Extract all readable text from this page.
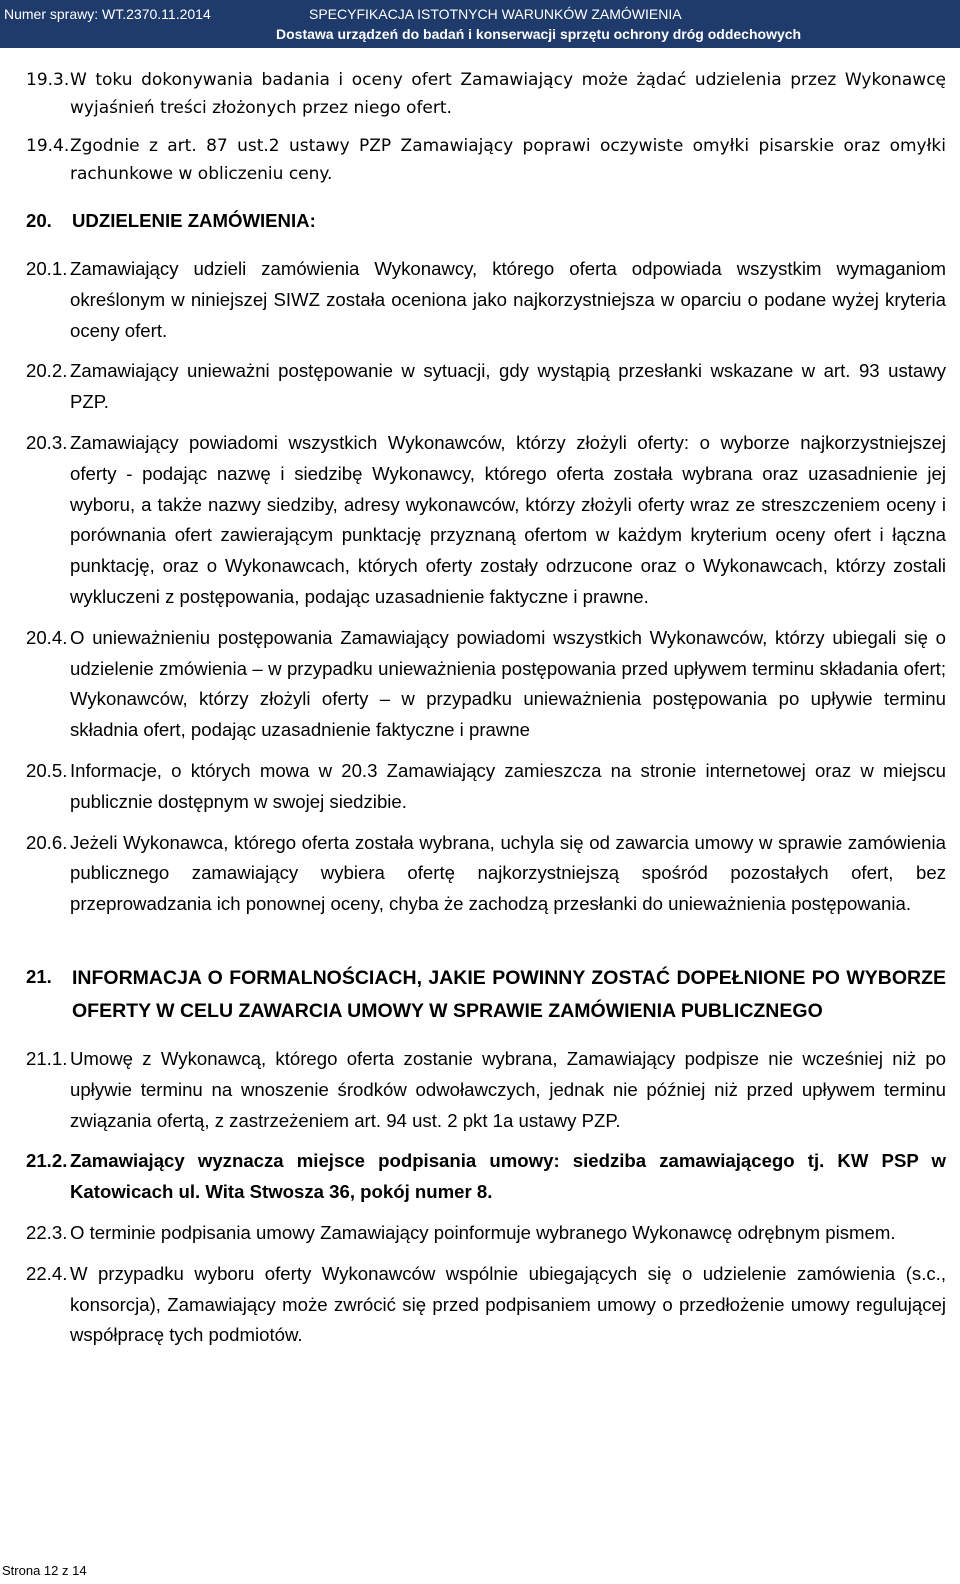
Numer sprawy: WT.2370.11.2014	SPECYFIKACJA ISTOTNYCH WARUNKÓW ZAMÓWIENIA
Dostawa urządzeń do badań i konserwacji sprzętu ochrony dróg oddechowych
19.3. W toku dokonywania badania i oceny ofert Zamawiający może żądać udzielenia przez Wykonawcę wyjaśnień treści złożonych przez niego ofert.
19.4. Zgodnie z art. 87 ust.2 ustawy PZP Zamawiający poprawi oczywiste omyłki pisarskie oraz omyłki rachunkowe w obliczeniu ceny.
20.	UDZIELENIE ZAMÓWIENIA:
20.1. Zamawiający udzieli zamówienia Wykonawcy, którego oferta odpowiada wszystkim wymaganiom określonym w niniejszej SIWZ została oceniona jako najkorzystniejsza w oparciu o podane wyżej kryteria oceny ofert.
20.2. Zamawiający unieważni postępowanie w sytuacji, gdy wystąpią przesłanki wskazane w art. 93 ustawy PZP.
20.3. Zamawiający powiadomi wszystkich Wykonawców, którzy złożyli oferty: o wyborze najkorzystniejszej oferty - podając nazwę i siedzibę Wykonawcy, którego oferta została wybrana oraz uzasadnienie jej wyboru, a także nazwy siedziby, adresy wykonawców, którzy złożyli oferty wraz ze streszczeniem oceny i porównania ofert zawierającym punktację przyznaną ofertom w każdym kryterium oceny ofert i łączna punktację, oraz o Wykonawcach, których oferty zostały odrzucone oraz o Wykonawcach, którzy zostali wykluczeni z postępowania, podając uzasadnienie faktyczne i prawne.
20.4. O unieważnieniu postępowania Zamawiający powiadomi wszystkich Wykonawców, którzy ubiegali się o udzielenie zmówienia – w przypadku unieważnienia postępowania przed upływem terminu składania ofert; Wykonawców, którzy złożyli oferty – w przypadku unieważnienia postępowania po upływie terminu składnia ofert, podając uzasadnienie faktyczne i prawne
20.5. Informacje, o których mowa w 20.3 Zamawiający zamieszcza na stronie internetowej oraz w miejscu publicznie dostępnym w swojej siedzibie.
20.6. Jeżeli Wykonawca, którego oferta została wybrana, uchyla się od zawarcia umowy w sprawie zamówienia publicznego zamawiający wybiera ofertę najkorzystniejszą spośród pozostałych ofert, bez przeprowadzania ich ponownej oceny, chyba że zachodzą przesłanki do unieważnienia postępowania.
21.	INFORMACJA O FORMALNOŚCIACH, JAKIE POWINNY ZOSTAĆ DOPEŁNIONE PO WYBORZE OFERTY W CELU ZAWARCIA UMOWY W SPRAWIE ZAMÓWIENIA PUBLICZNEGO
21.1. Umowę z Wykonawcą, którego oferta zostanie wybrana, Zamawiający podpisze nie wcześniej niż po upływie terminu na wnoszenie środków odwoławczych, jednak nie później niż przed upływem terminu związania ofertą, z zastrzeżeniem art. 94 ust. 2 pkt 1a ustawy PZP.
21.2. Zamawiający wyznacza miejsce podpisania umowy: siedziba zamawiającego tj. KW PSP w Katowicach ul. Wita Stwosza 36, pokój numer 8.
22.3. O terminie podpisania umowy Zamawiający poinformuje wybranego Wykonawcę odrębnym pismem.
22.4. W przypadku wyboru oferty Wykonawców wspólnie ubiegających się o udzielenie zamówienia (s.c., konsorcja), Zamawiający może zwrócić się przed podpisaniem umowy o przedłożenie umowy regulującej współpracę tych podmiotów.
Strona 12 z 14
